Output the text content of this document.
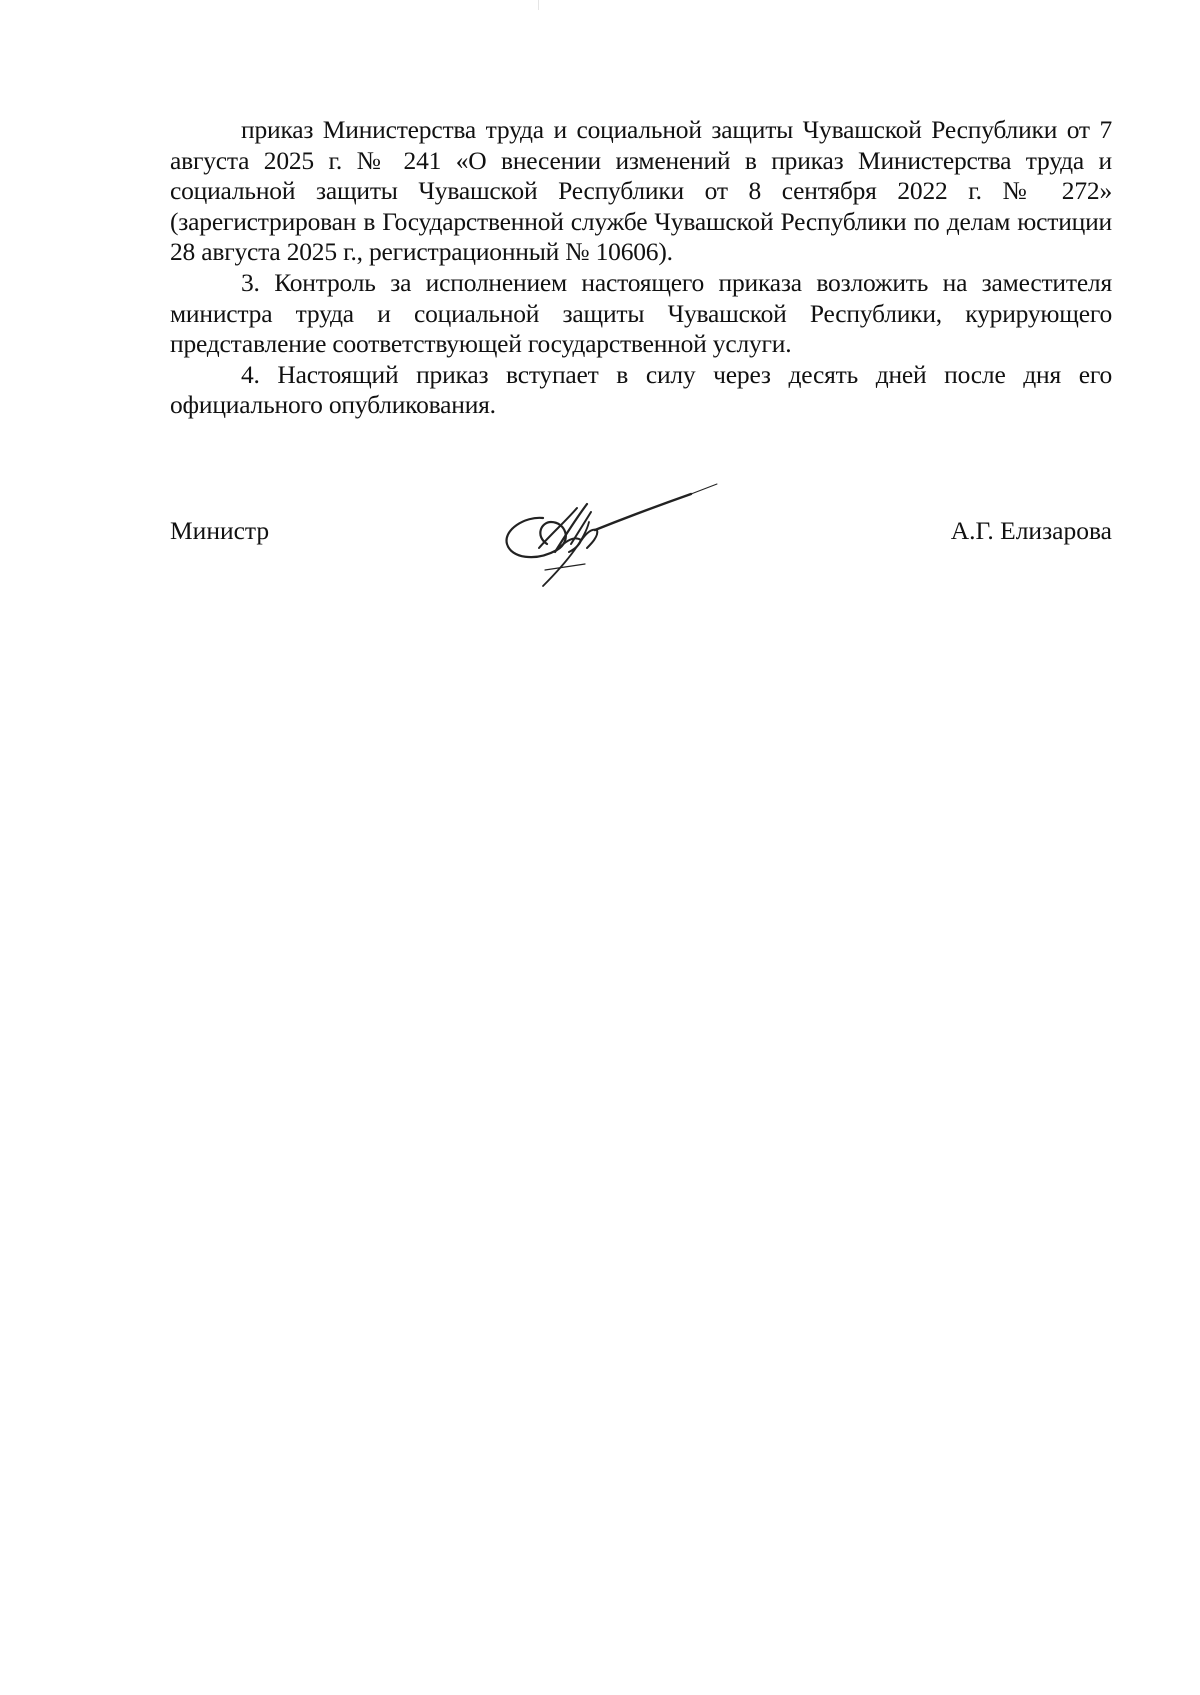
приказ Министерства труда и социальной защиты Чувашской Республики от 7 августа 2025 г. № 241 «О внесении изменений в приказ Министерства труда и социальной защиты Чувашской Республики от 8 сентября 2022 г. № 272» (зарегистрирован в Государственной службе Чувашской Республики по делам юстиции 28 августа 2025 г., регистрационный № 10606).

3. Контроль за исполнением настоящего приказа возложить на заместителя министра труда и социальной защиты Чувашской Республики, курирующего представление соответствующей государственной услуги.

4. Настоящий приказ вступает в силу через десять дней после дня его официального опубликования.

Министр	А.Г. Елизарова
